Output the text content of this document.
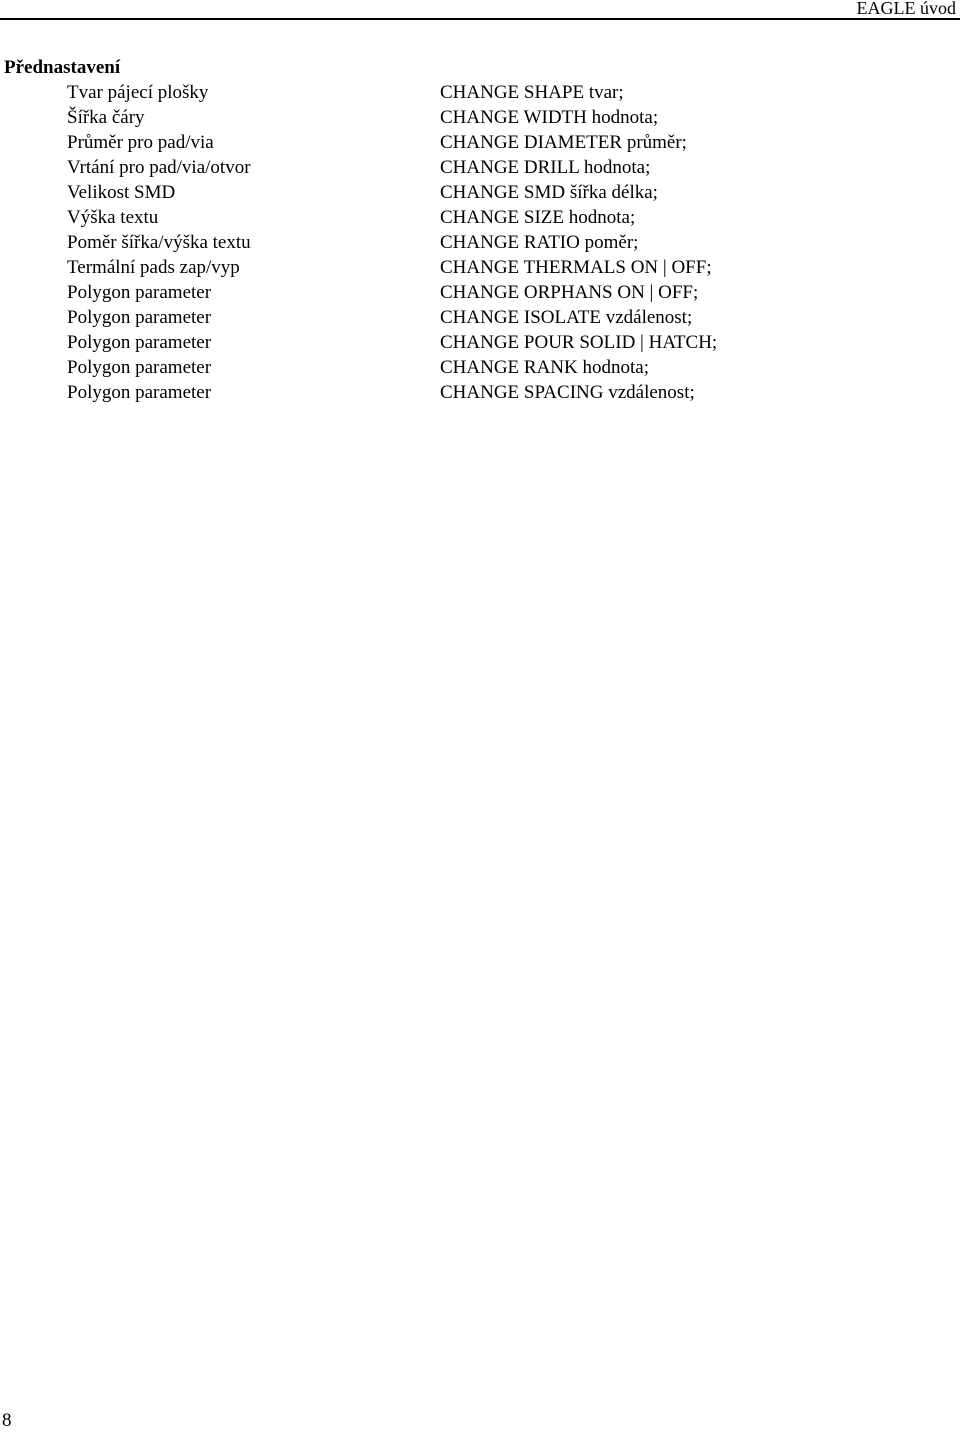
EAGLE úvod
Přednastavení
Tvar pájecí plošky	CHANGE SHAPE tvar;
Šířka čáry	CHANGE WIDTH hodnota;
Průměr pro pad/via	CHANGE DIAMETER průměr;
Vrtání pro pad/via/otvor	CHANGE DRILL hodnota;
Velikost SMD	CHANGE SMD šířka délka;
Výška textu	CHANGE SIZE hodnota;
Poměr šířka/výška textu	CHANGE RATIO poměr;
Termální pads zap/vyp	CHANGE THERMALS ON | OFF;
Polygon parameter	CHANGE ORPHANS ON | OFF;
Polygon parameter	CHANGE ISOLATE vzdálenost;
Polygon parameter	CHANGE POUR SOLID | HATCH;
Polygon parameter	CHANGE RANK hodnota;
Polygon parameter	CHANGE SPACING vzdálenost;
8
